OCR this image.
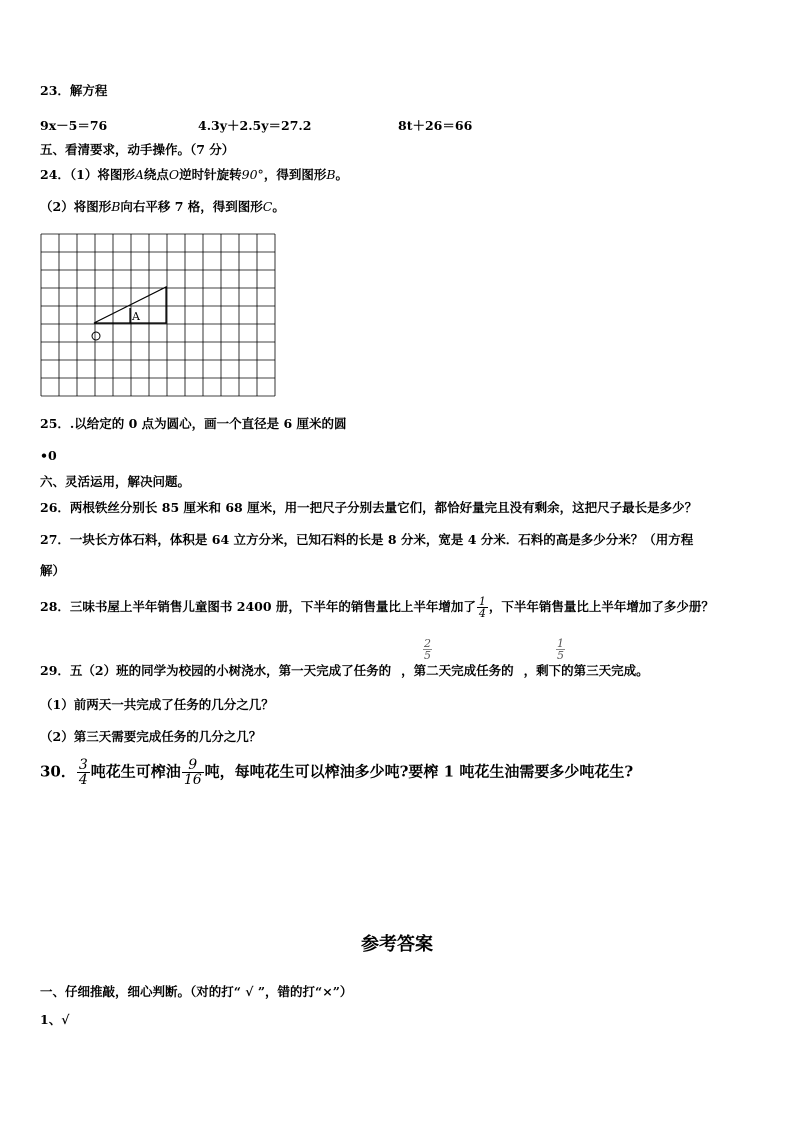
23．解方程
9x－5＝76	4.3y＋2.5y＝27.2	8t＋26＝66
五、看清要求，动手操作。（7 分）
24．（1）将图形A绕点O逆时针旋转90°，得到图形B。
（2）将图形B向右平移 7 格，得到图形C。
A
25．.以给定的 0 点为圆心，画一个直径是 6 厘米的圆
•0
六、灵活运用，解决问题。
26．两根铁丝分别长 85 厘米和 68 厘米，用一把尺子分别去量它们，都恰好量完且没有剩余，这把尺子最长是多少？
27．一块长方体石料，体积是 64 立方分米，已知石料的长是 8 分米，宽是 4 分米．石料的高是多少分米？（用方程
解）
28．三味书屋上半年销售儿童图书 2400 册，下半年的销售量比上半年增加了 $\frac{1}{4}$ ，下半年销售量比上半年增加了多少册？
29．五（2）班的同学为校园的小树浇水，第一天完成了任务的 ，第二天完成任务的 ，剩下的第三天完成。
2
5
1
5
（1）前两天一共完成了任务的几分之几？
（2）第三天需要完成任务的几分之几？
30． $\frac{3}{4}$ 吨花生可榨油 $\frac{9}{16}$ 吨，每吨花生可以榨油多少吨?要榨 1 吨花生油需要多少吨花生?
参考答案
一、仔细推敲，细心判断。（对的打“ √ ”，错的打“×”）
1、√
